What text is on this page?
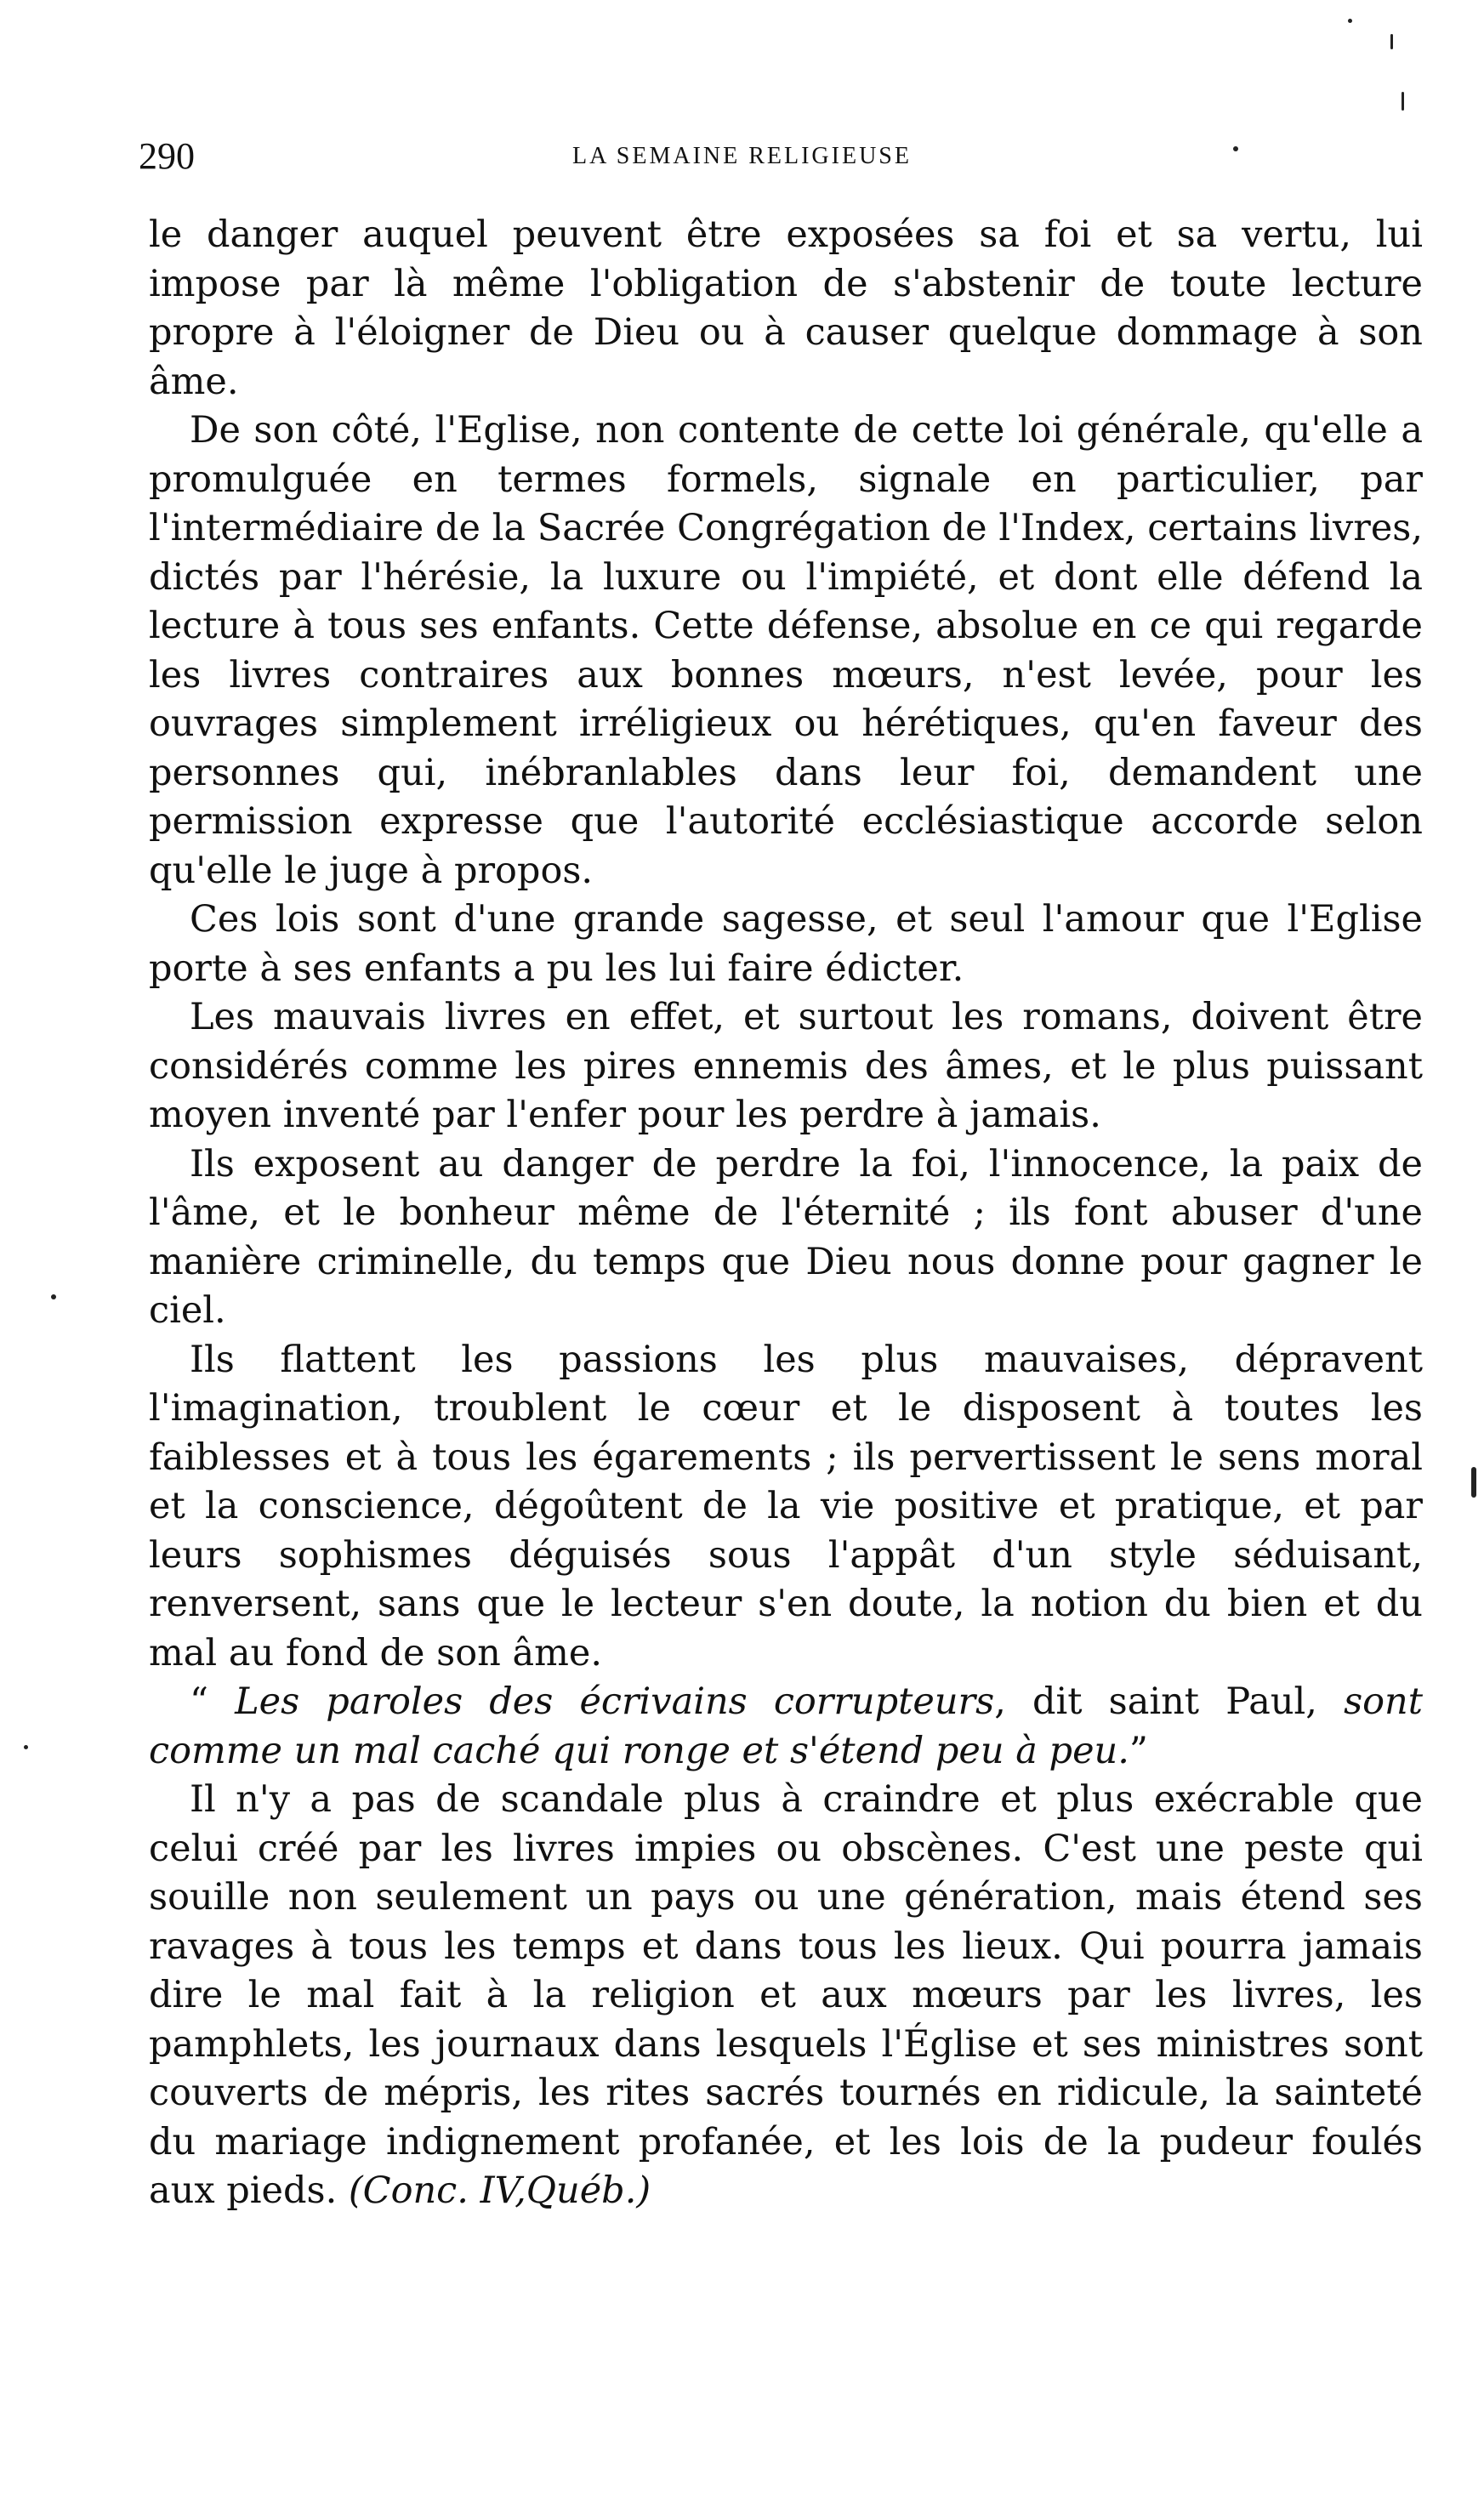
290	LA SEMAINE RELIGIEUSE

le danger auquel peuvent être exposées sa foi et sa vertu, lui impose par là même l'obligation de s'abstenir de toute lecture propre à l'éloigner de Dieu ou à causer quelque dommage à son âme.

De son côté, l'Eglise, non contente de cette loi générale, qu'elle a promulguée en termes formels, signale en particulier, par l'intermédiaire de la Sacrée Congrégation de l'Index, certains livres, dictés par l'hérésie, la luxure ou l'impiété, et dont elle défend la lecture à tous ses enfants. Cette défense, absolue en ce qui regarde les livres contraires aux bonnes mœurs, n'est levée, pour les ouvrages simplement irréligieux ou hérétiques, qu'en faveur des personnes qui, inébranlables dans leur foi, demandent une permission expresse que l'autorité ecclésiastique accorde selon qu'elle le juge à propos.

Ces lois sont d'une grande sagesse, et seul l'amour que l'Eglise porte à ses enfants a pu les lui faire édicter.

Les mauvais livres en effet, et surtout les romans, doivent être considérés comme les pires ennemis des âmes, et le plus puissant moyen inventé par l'enfer pour les perdre à jamais.

Ils exposent au danger de perdre la foi, l'innocence, la paix de l'âme, et le bonheur même de l'éternité ; ils font abuser d'une manière criminelle, du temps que Dieu nous donne pour gagner le ciel.

Ils flattent les passions les plus mauvaises, dépravent l'imagination, troublent le cœur et le disposent à toutes les faiblesses et à tous les égarements ; ils pervertissent le sens moral et la conscience, dégoûtent de la vie positive et pratique, et par leurs sophismes déguisés sous l'appât d'un style séduisant, renversent, sans que le lecteur s'en doute, la notion du bien et du mal au fond de son âme.

“ Les paroles des écrivains corrupteurs, dit saint Paul, sont comme un mal caché qui ronge et s'étend peu à peu.”

Il n'y a pas de scandale plus à craindre et plus exécrable que celui créé par les livres impies ou obscènes. C'est une peste qui souille non seulement un pays ou une génération, mais étend ses ravages à tous les temps et dans tous les lieux. Qui pourra jamais dire le mal fait à la religion et aux mœurs par les livres, les pamphlets, les journaux dans lesquels l'Église et ses ministres sont couverts de mépris, les rites sacrés tournés en ridicule, la sainteté du mariage indignement profanée, et les lois de la pudeur foulés aux pieds. (Conc. IV,Québ.)
